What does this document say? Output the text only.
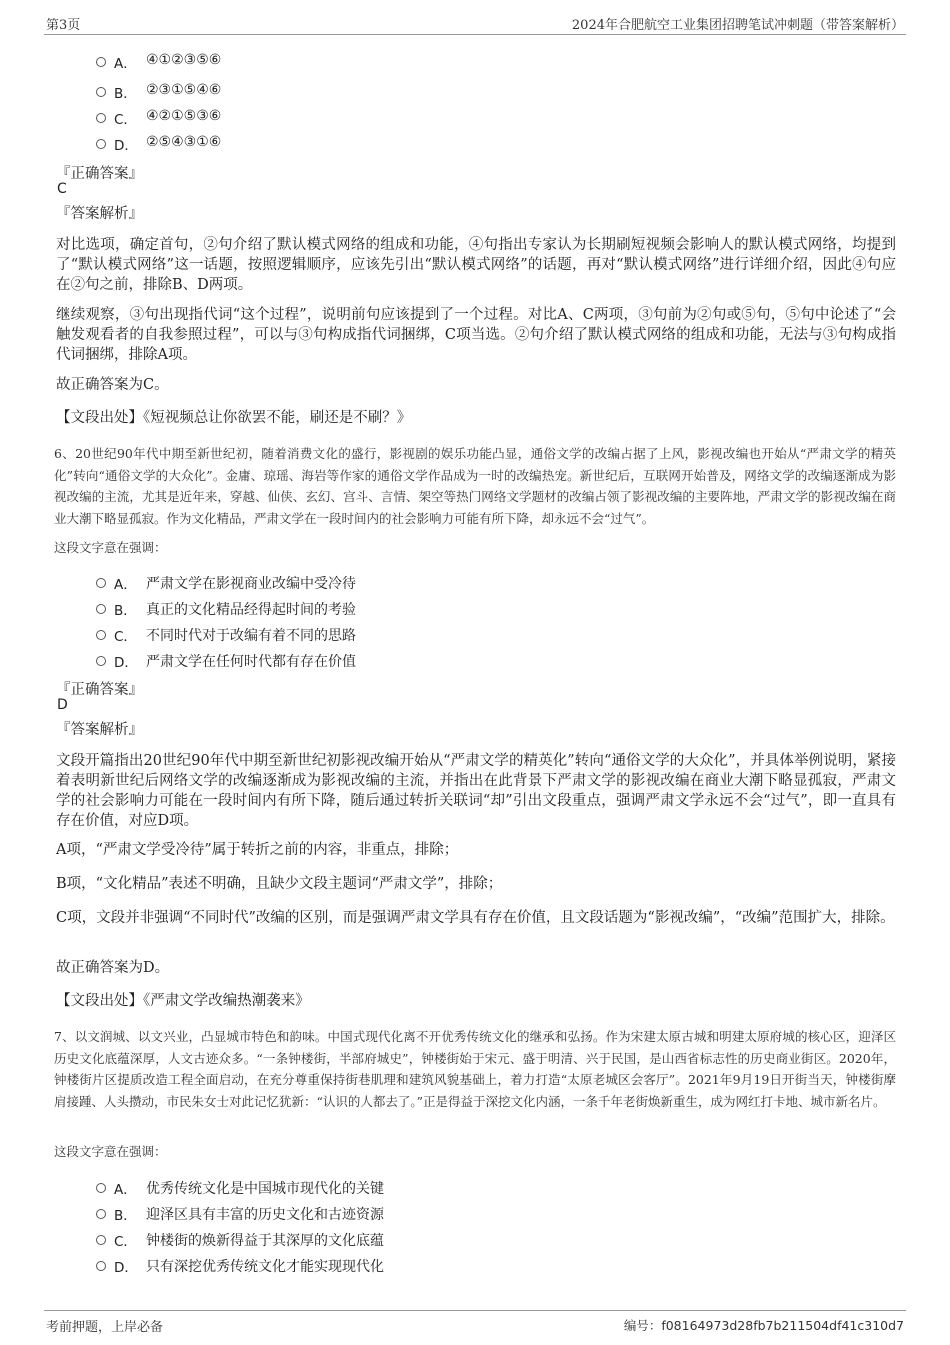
第3页	2024年合肥航空工业集团招聘笔试冲刺题（带答案解析）
A． ④①②③⑤⑥
B． ②③①⑤④⑥
C． ④②①⑤③⑥
D． ②⑤④③①⑥
『正确答案』
C
『答案解析』
对比选项，确定首句，②句介绍了默认模式网络的组成和功能，④句指出专家认为长期刷短视频会影响人的默认模式网络，均提到了“默认模式网络”这一话题，按照逻辑顺序，应该先引出“默认模式网络”的话题，再对“默认模式网络”进行详细介绍，因此④句应在②句之前，排除B、D两项。
继续观察，③句出现指代词“这个过程”，说明前句应该提到了一个过程。对比A、C两项，③句前为②句或⑤句，⑤句中论述了“会触发观看者的自我参照过程”，可以与③句构成指代词捆绑，C项当选。②句介绍了默认模式网络的组成和功能，无法与③句构成指代词捆绑，排除A项。
故正确答案为C。
【文段出处】《短视频总让你欲罢不能，刷还是不刷？》
6、20世纪90年代中期至新世纪初，随着消费文化的盛行，影视剧的娱乐功能凸显，通俗文学的改编占据了上风，影视改编也开始从“严肃文学的精英化”转向“通俗文学的大众化”。金庸、琼瑶、海岩等作家的通俗文学作品成为一时的改编热宠。新世纪后，互联网开始普及，网络文学的改编逐渐成为影视改编的主流，尤其是近年来，穿越、仙侠、玄幻、宫斗、言情、架空等热门网络文学题材的改编占领了影视改编的主要阵地，严肃文学的影视改编在商业大潮下略显孤寂。作为文化精品，严肃文学在一段时间内的社会影响力可能有所下降，却永远不会“过气”。
这段文字意在强调：
A． 严肃文学在影视商业改编中受冷待
B． 真正的文化精品经得起时间的考验
C． 不同时代对于改编有着不同的思路
D． 严肃文学在任何时代都有存在价值
『正确答案』
D
『答案解析』
文段开篇指出20世纪90年代中期至新世纪初影视改编开始从“严肃文学的精英化”转向“通俗文学的大众化”，并具体举例说明，紧接着表明新世纪后网络文学的改编逐渐成为影视改编的主流，并指出在此背景下严肃文学的影视改编在商业大潮下略显孤寂，严肃文学的社会影响力可能在一段时间内有所下降，随后通过转折关联词“却”引出文段重点，强调严肃文学永远不会“过气”，即一直具有存在价值，对应D项。
A项，“严肃文学受冷待”属于转折之前的内容，非重点，排除；
B项，“文化精品”表述不明确，且缺少文段主题词“严肃文学”，排除；
C项，文段并非强调“不同时代”改编的区别，而是强调严肃文学具有存在价值，且文段话题为“影视改编”，“改编”范围扩大，排除。
故正确答案为D。
【文段出处】《严肃文学改编热潮袭来》
7、以文润城、以文兴业，凸显城市特色和韵味。中国式现代化离不开优秀传统文化的继承和弘扬。作为宋建太原古城和明建太原府城的核心区，迎泽区历史文化底蕴深厚，人文古迹众多。“一条钟楼街，半部府城史”，钟楼街始于宋元、盛于明清、兴于民国，是山西省标志性的历史商业街区。2020年，钟楼街片区提质改造工程全面启动，在充分尊重保持街巷肌理和建筑风貌基础上，着力打造“太原老城区会客厅”。2021年9月19日开街当天，钟楼街摩肩接踵、人头攒动，市民朱女士对此记忆犹新：“认识的人都去了。”正是得益于深挖文化内涵，一条千年老街焕新重生，成为网红打卡地、城市新名片。
这段文字意在强调：
A． 优秀传统文化是中国城市现代化的关键
B． 迎泽区具有丰富的历史文化和古迹资源
C． 钟楼街的焕新得益于其深厚的文化底蕴
D． 只有深挖优秀传统文化才能实现现代化
考前押题，上岸必备	编号：f08164973d28fb7b211504df41c310d7
